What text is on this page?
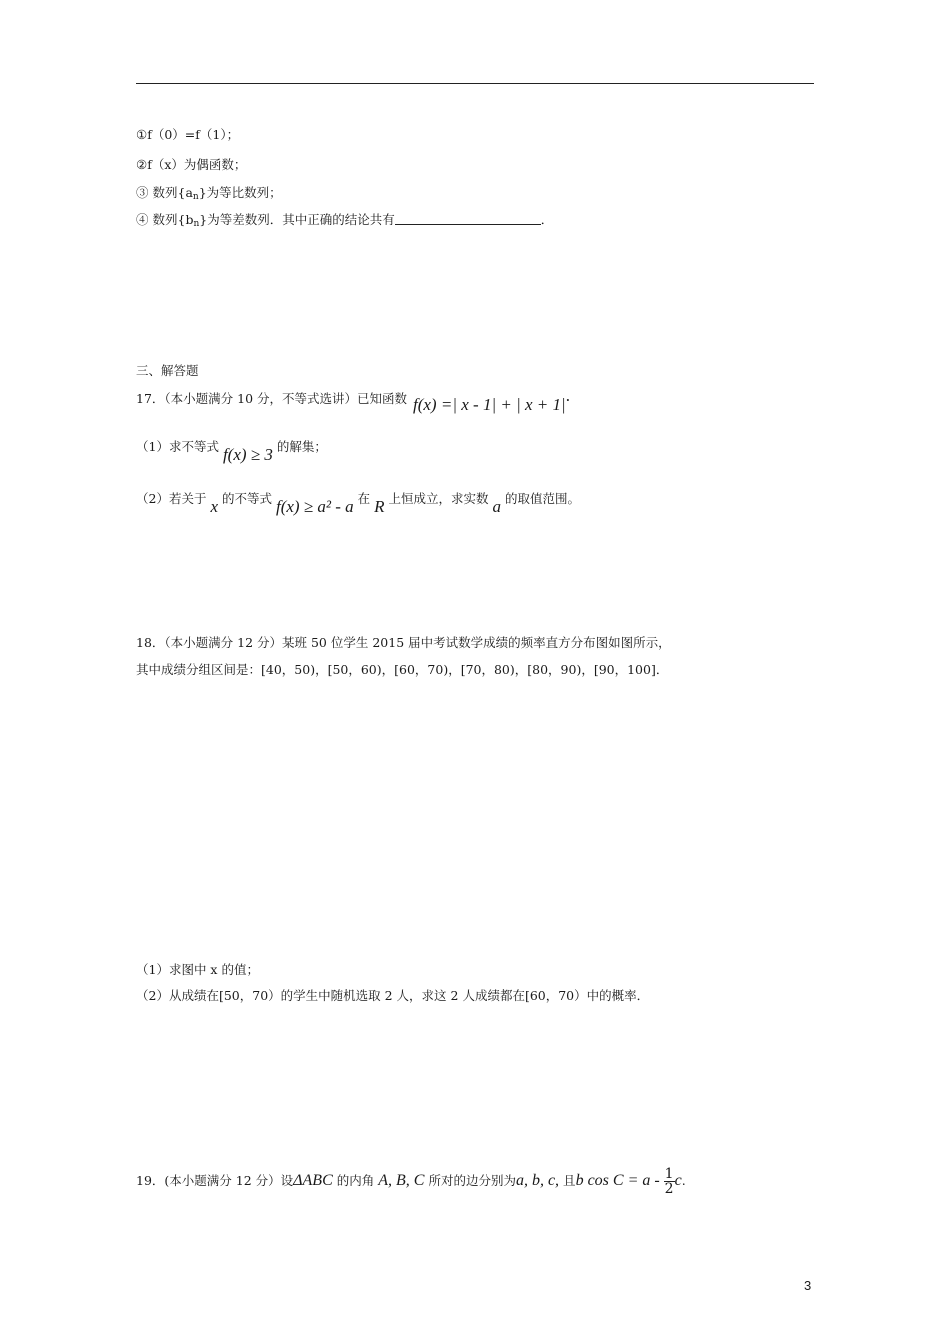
①f（0）=f（1）；
②f（x）为偶函数；
③ 数列$\{a_n\}$为等比数列；
④ 数列$\{b_n\}$为等差数列．其中正确的结论共有	．
三、解答题
17．（本小题满分 10 分，不等式选讲）已知函数 f(x) =| x - 1| + | x + 1|.
（1）求不等式 f(x) ≥ 3 的解集；
（2）若关于 x 的不等式 f(x) ≥ a² - a 在 R 上恒成立，求实数 a 的取值范围。
18．（本小题满分 12 分）某班 50 位学生 2015 届中考试数学成绩的频率直方分布图如图所示，
其中成绩分组区间是：[40，50)，[50，60)，[60，70)，[70，80)，[80，90)，[90，100]．
（1）求图中 x 的值；
（2）从成绩在[50，70）的学生中随机选取 2 人，求这 2 人成绩都在[60，70）中的概率．
19．(本小题满分 12 分）设ΔABC 的内角 A, B, C 所对的边分别为a, b, c, 且b $\cos C = a - \frac{1}{2} c$.
3
